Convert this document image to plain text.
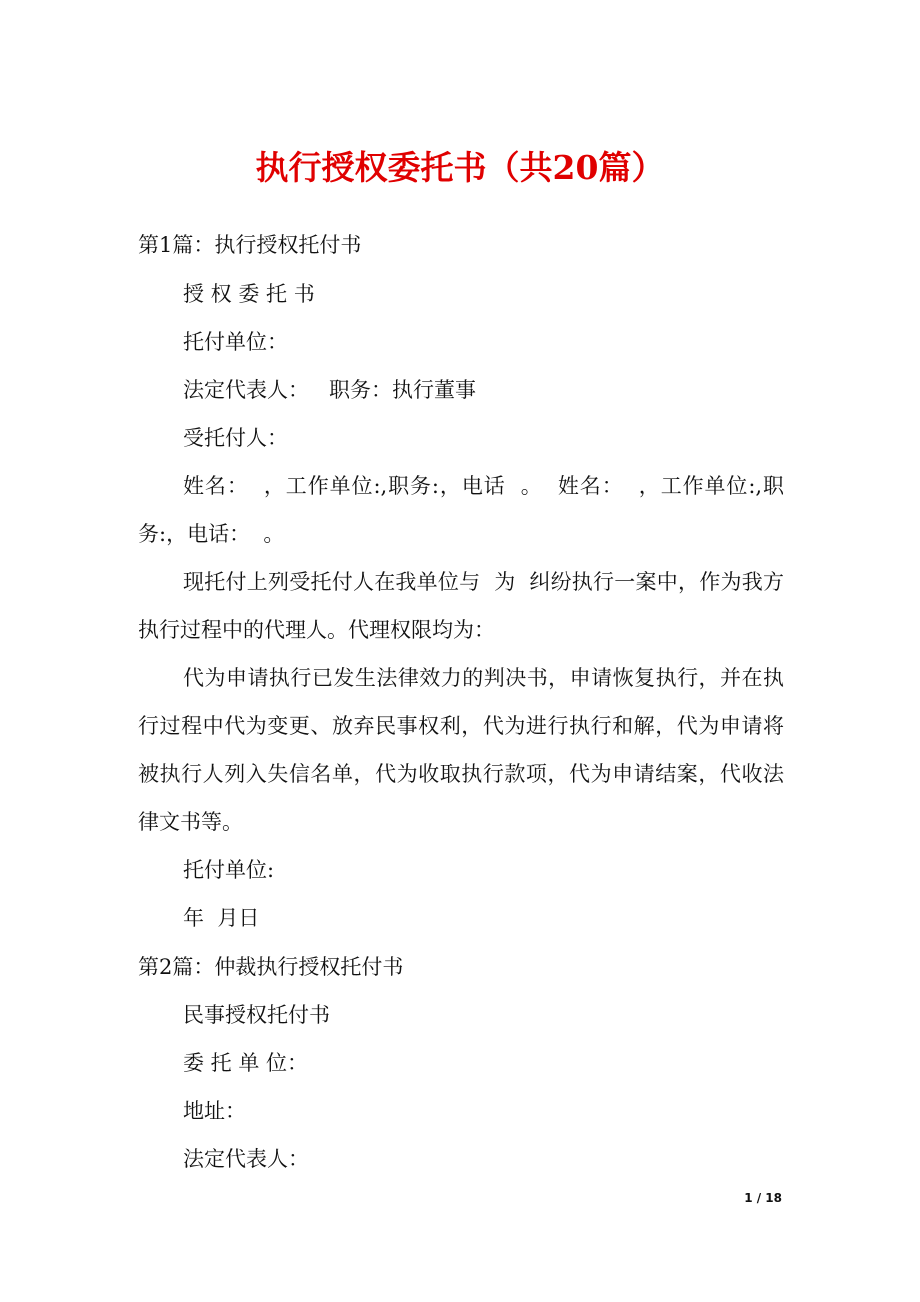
执行授权委托书（共20篇）

第1篇：执行授权托付书

授 权 委 托 书

托付单位：

法定代表人：   职务：执行董事

受托付人：

姓名：  ，工作单位:,职务:，电话  。  姓名：  ，工作单位:,职务:，电话：  。

现托付上列受托付人在我单位与  为  纠纷执行一案中，作为我方执行过程中的代理人。代理权限均为：

代为申请执行已发生法律效力的判决书，申请恢复执行，并在执行过程中代为变更、放弃民事权利，代为进行执行和解，代为申请将被执行人列入失信名单，代为收取执行款项，代为申请结案，代收法律文书等。

托付单位:

年  月日

第2篇：仲裁执行授权托付书

民事授权托付书

委 托 单 位：

地址：

法定代表人：

1 / 18
